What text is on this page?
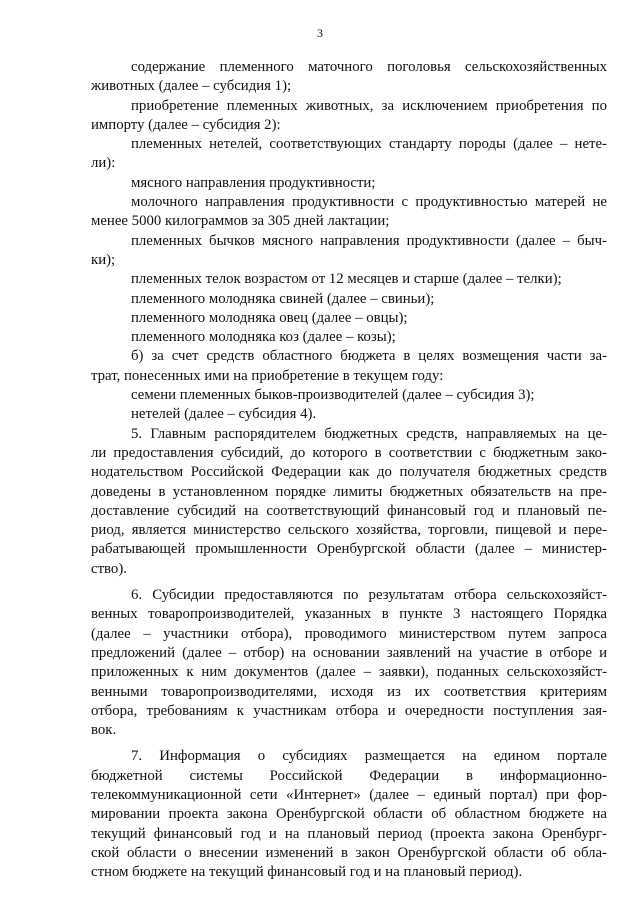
3
содержание племенного маточного поголовья сельскохозяйственных
животных (далее – субсидия 1);
приобретение племенных животных, за исключением приобретения по
импорту (далее – субсидия 2):
племенных нетелей, соответствующих стандарту породы (далее – нете-
ли):
мясного направления продуктивности;
молочного направления продуктивности с продуктивностью матерей не
менее 5000 килограммов за 305 дней лактации;
племенных бычков мясного направления продуктивности (далее – быч-
ки);
племенных телок возрастом от 12 месяцев и старше (далее – телки);
племенного молодняка свиней (далее – свиньи);
племенного молодняка овец (далее – овцы);
племенного молодняка коз (далее – козы);
б) за счет средств областного бюджета в целях возмещения части за-
трат, понесенных ими на приобретение в текущем году:
семени племенных быков-производителей (далее – субсидия 3);
нетелей (далее – субсидия 4).
5. Главным распорядителем бюджетных средств, направляемых на це-
ли предоставления субсидий, до которого в соответствии с бюджетным зако-
нодательством Российской Федерации как до получателя бюджетных средств
доведены в установленном порядке лимиты бюджетных обязательств на пре-
доставление субсидий на соответствующий финансовый год и плановый пе-
риод, является министерство сельского хозяйства, торговли, пищевой и пере-
рабатывающей промышленности Оренбургской области (далее – министер-
ство).
6. Субсидии предоставляются по результатам отбора сельскохозяйст-
венных товаропроизводителей, указанных в пункте 3 настоящего Порядка
(далее – участники отбора), проводимого министерством путем запроса
предложений (далее – отбор) на основании заявлений на участие в отборе и
приложенных к ним документов (далее – заявки), поданных сельскохозяйст-
венными товаропроизводителями, исходя из их соответствия критериям
отбора, требованиям к участникам отбора и очередности поступления зая-
вок.
7. Информация о субсидиях размещается на едином портале
бюджетной системы Российской Федерации в информационно-
телекоммуникационной сети «Интернет» (далее – единый портал) при фор-
мировании проекта закона Оренбургской области об областном бюджете на
текущий финансовый год и на плановый период (проекта закона Оренбург-
ской области о внесении изменений в закон Оренбургской области об обла-
стном бюджете на текущий финансовый год и на плановый период).
